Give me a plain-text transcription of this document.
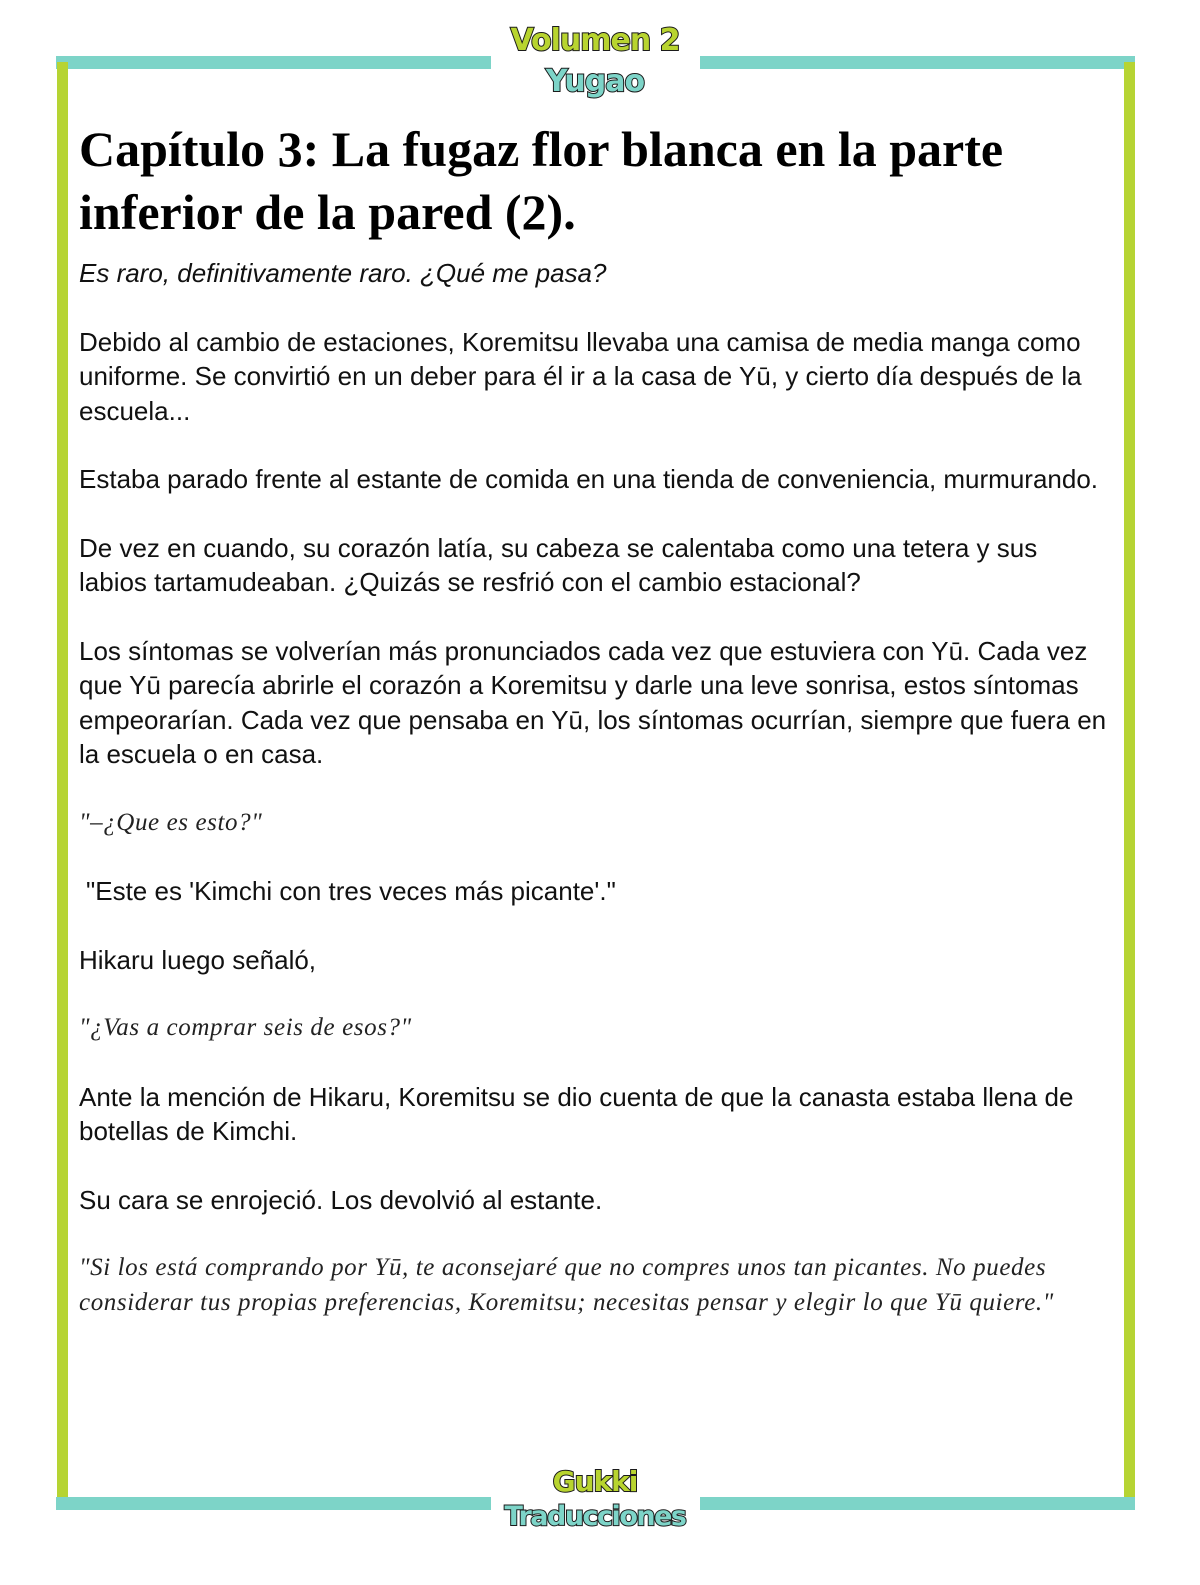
Volumen 2
Yugao
Capítulo 3: La fugaz flor blanca en la parte inferior de la pared (2).

Es raro, definitivamente raro. ¿Qué me pasa?

Debido al cambio de estaciones, Koremitsu llevaba una camisa de media manga como uniforme. Se convirtió en un deber para él ir a la casa de Yū, y cierto día después de la escuela...

Estaba parado frente al estante de comida en una tienda de conveniencia, murmurando.

De vez en cuando, su corazón latía, su cabeza se calentaba como una tetera y sus labios tartamudeaban. ¿Quizás se resfrió con el cambio estacional?

Los síntomas se volverían más pronunciados cada vez que estuviera con Yū. Cada vez que Yū parecía abrirle el corazón a Koremitsu y darle una leve sonrisa, estos síntomas empeorarían. Cada vez que pensaba en Yū, los síntomas ocurrían, siempre que fuera en la escuela o en casa.

"–¿Que es esto?"

"Este es 'Kimchi con tres veces más picante'."

Hikaru luego señaló,

"¿Vas a comprar seis de esos?"

Ante la mención de Hikaru, Koremitsu se dio cuenta de que la canasta estaba llena de botellas de Kimchi.

Su cara se enrojeció. Los devolvió al estante.

"Si los está comprando por Yū, te aconsejaré que no compres unos tan picantes. No puedes considerar tus propias preferencias, Koremitsu; necesitas pensar y elegir lo que Yū quiere."

Gukki
Traducciones
